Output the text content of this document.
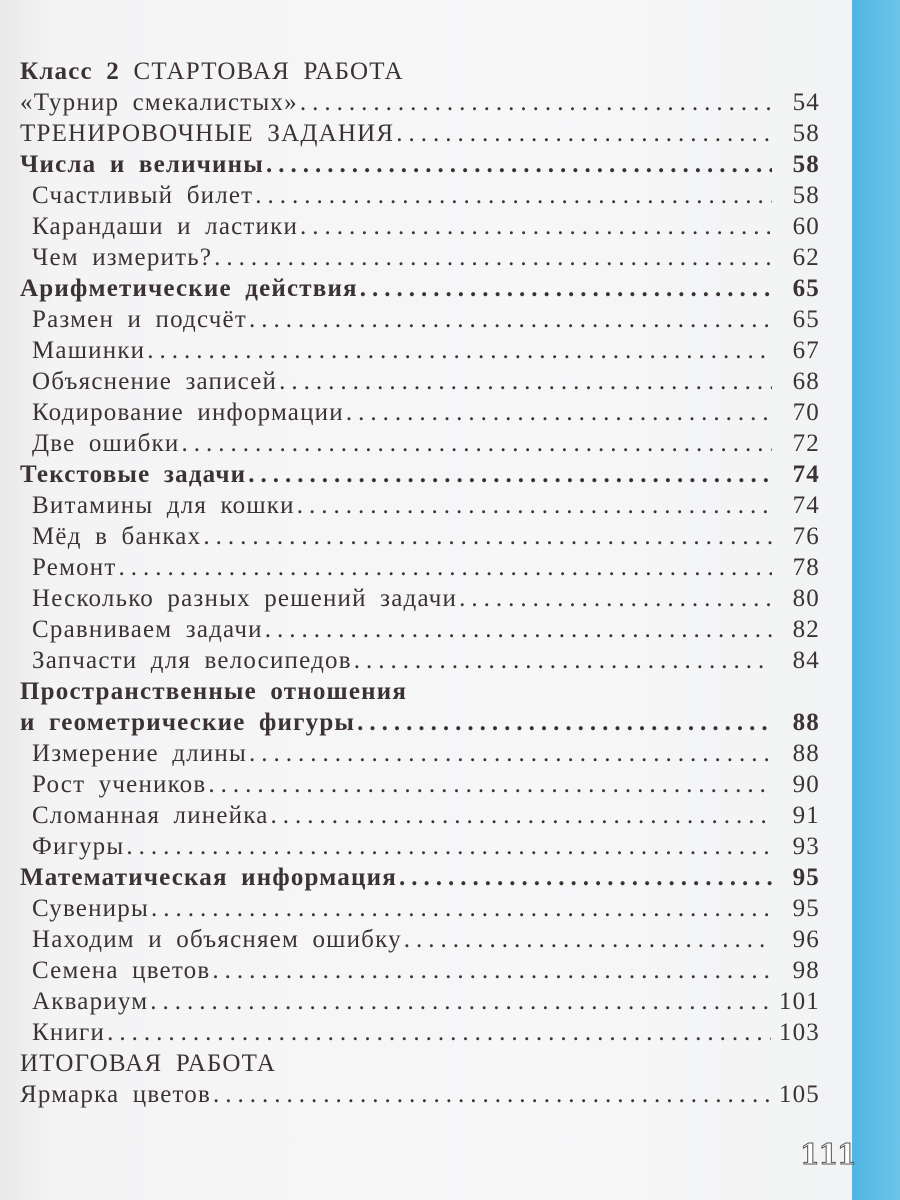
Класс 2 СТАРТОВАЯ РАБОТА
«Турнир смекалистых» .....	54
ТРЕНИРОВОЧНЫЕ ЗАДАНИЯ .....	58
Числа и величины .....	58
Счастливый билет .....	58
Карандаши и ластики .....	60
Чем измерить? .....	62
Арифметические действия .....	65
Размен и подсчёт .....	65
Машинки .....	67
Объяснение записей .....	68
Кодирование информации .....	70
Две ошибки .....	72
Текстовые задачи .....	74
Витамины для кошки .....	74
Мёд в банках .....	76
Ремонт .....	78
Несколько разных решений задачи .....	80
Сравниваем задачи .....	82
Запчасти для велосипедов .....	84
Пространственные отношения
и геометрические фигуры .....	88
Измерение длины .....	88
Рост учеников .....	90
Сломанная линейка .....	91
Фигуры .....	93
Математическая информация .....	95
Сувениры .....	95
Находим и объясняем ошибку .....	96
Семена цветов .....	98
Аквариум .....	101
Книги .....	103
ИТОГОВАЯ РАБОТА
Ярмарка цветов .....	105
111
